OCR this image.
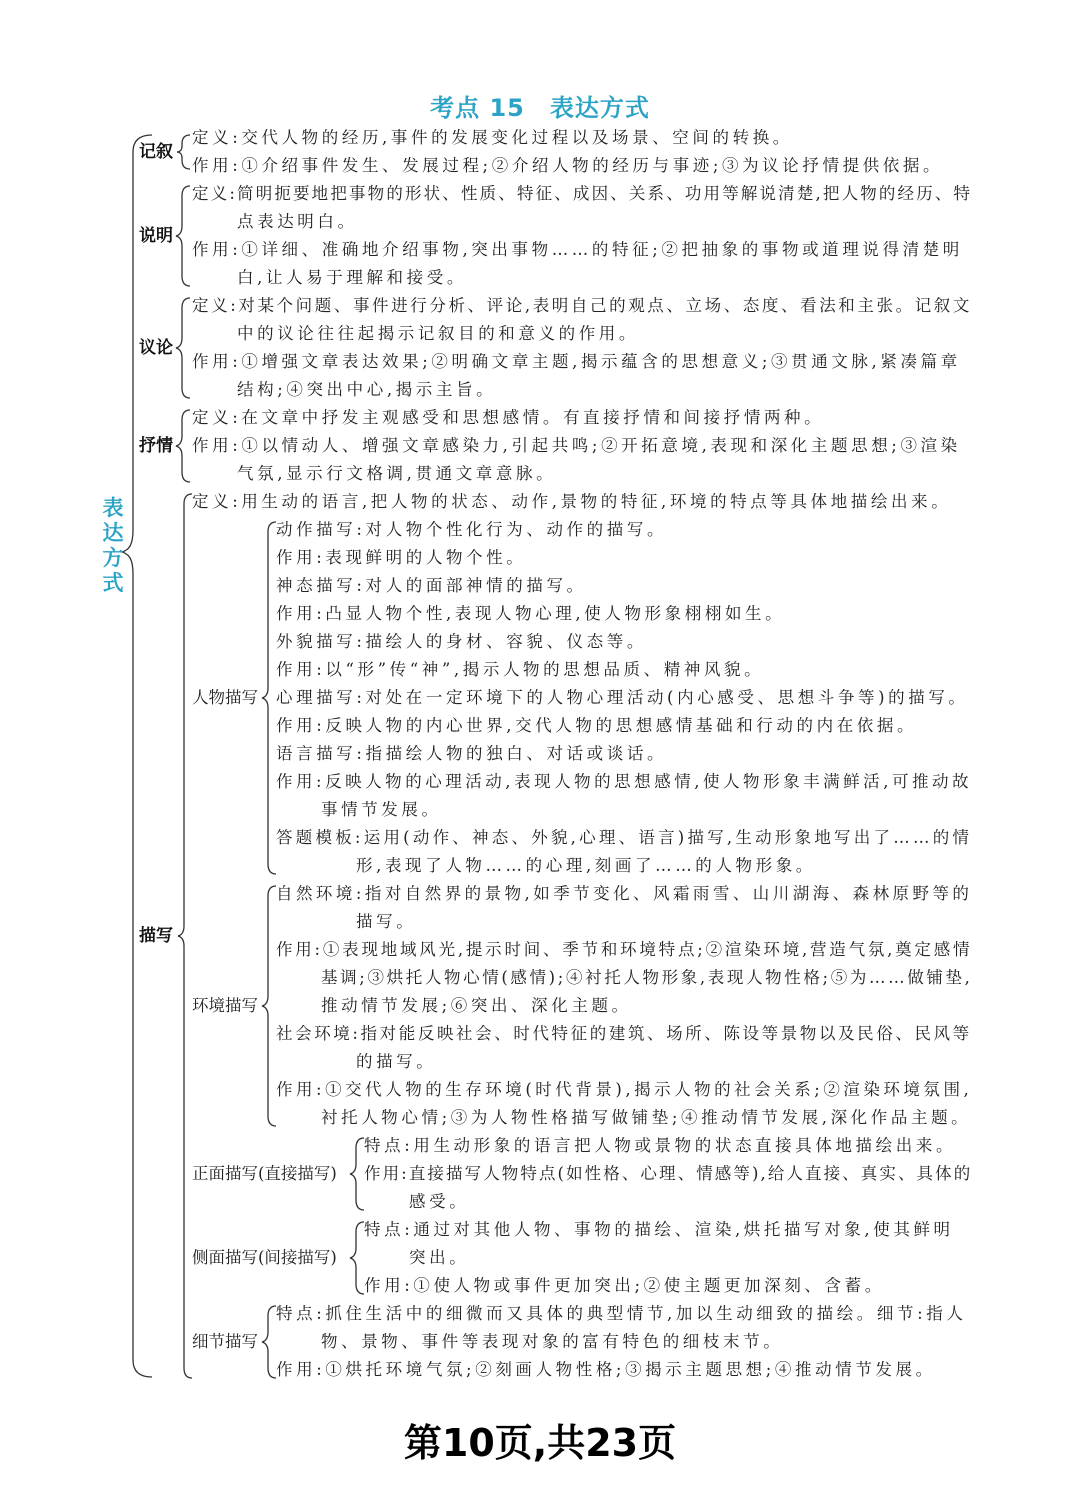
考点 15　表达方式
表达方式
记叙
说明
议论
抒情
描写
人物描写
环境描写
正面描写(直接描写)
侧面描写(间接描写)
细节描写
定义:交代人物的经历,事件的发展变化过程以及场景、空间的转换。
作用:①介绍事件发生、发展过程;②介绍人物的经历与事迹;③为议论抒情提供依据。
定义:简明扼要地把事物的形状、性质、特征、成因、关系、功用等解说清楚,把人物的经历、特
点表达明白。
作用:①详细、准确地介绍事物,突出事物……的特征;②把抽象的事物或道理说得清楚明
白,让人易于理解和接受。
定义:对某个问题、事件进行分析、评论,表明自己的观点、立场、态度、看法和主张。记叙文
中的议论往往起揭示记叙目的和意义的作用。
作用:①增强文章表达效果;②明确文章主题,揭示蕴含的思想意义;③贯通文脉,紧凑篇章
结构;④突出中心,揭示主旨。
定义:在文章中抒发主观感受和思想感情。有直接抒情和间接抒情两种。
作用:①以情动人、增强文章感染力,引起共鸣;②开拓意境,表现和深化主题思想;③渲染
气氛,显示行文格调,贯通文章意脉。
定义:用生动的语言,把人物的状态、动作,景物的特征,环境的特点等具体地描绘出来。
动作描写:对人物个性化行为、动作的描写。
作用:表现鲜明的人物个性。
神态描写:对人的面部神情的描写。
作用:凸显人物个性,表现人物心理,使人物形象栩栩如生。
外貌描写:描绘人的身材、容貌、仪态等。
作用:以“形”传“神”,揭示人物的思想品质、精神风貌。
心理描写:对处在一定环境下的人物心理活动(内心感受、思想斗争等)的描写。
作用:反映人物的内心世界,交代人物的思想感情基础和行动的内在依据。
语言描写:指描绘人物的独白、对话或谈话。
作用:反映人物的心理活动,表现人物的思想感情,使人物形象丰满鲜活,可推动故
事情节发展。
答题模板:运用(动作、神态、外貌,心理、语言)描写,生动形象地写出了……的情
形,表现了人物……的心理,刻画了……的人物形象。
自然环境:指对自然界的景物,如季节变化、风霜雨雪、山川湖海、森林原野等的
描写。
作用:①表现地域风光,提示时间、季节和环境特点;②渲染环境,营造气氛,奠定感情
基调;③烘托人物心情(感情);④衬托人物形象,表现人物性格;⑤为……做铺垫,
推动情节发展;⑥突出、深化主题。
社会环境:指对能反映社会、时代特征的建筑、场所、陈设等景物以及民俗、民风等
的描写。
作用:①交代人物的生存环境(时代背景),揭示人物的社会关系;②渲染环境氛围,
衬托人物心情;③为人物性格描写做铺垫;④推动情节发展,深化作品主题。
特点:用生动形象的语言把人物或景物的状态直接具体地描绘出来。
作用:直接描写人物特点(如性格、心理、情感等),给人直接、真实、具体的
感受。
特点:通过对其他人物、事物的描绘、渲染,烘托描写对象,使其鲜明
突出。
作用:①使人物或事件更加突出;②使主题更加深刻、含蓄。
特点:抓住生活中的细微而又具体的典型情节,加以生动细致的描绘。细节:指人
物、景物、事件等表现对象的富有特色的细枝末节。
作用:①烘托环境气氛;②刻画人物性格;③揭示主题思想;④推动情节发展。
第10页,共23页
